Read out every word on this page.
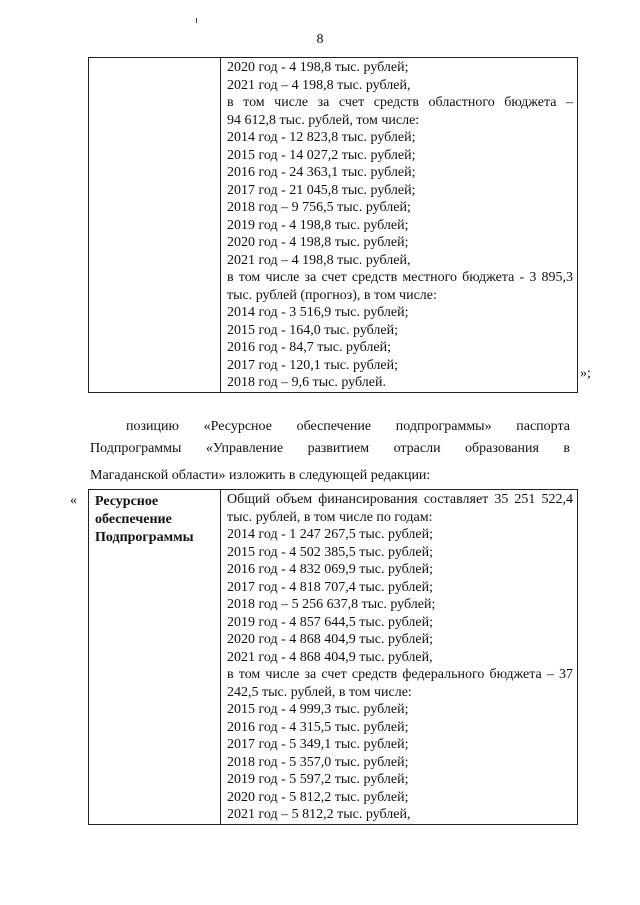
8

2020 год - 4 198,8 тыс. рублей;
2021 год – 4 198,8 тыс. рублей,
в том числе за счет средств областного бюджета –
94 612,8 тыс. рублей, том числе:
2014 год - 12 823,8 тыс. рублей;
2015 год - 14 027,2 тыс. рублей;
2016 год - 24 363,1 тыс. рублей;
2017 год - 21 045,8 тыс. рублей;
2018 год – 9 756,5 тыс. рублей;
2019 год - 4 198,8 тыс. рублей;
2020 год - 4 198,8 тыс. рублей;
2021 год – 4 198,8 тыс. рублей,
в том числе за счет средств местного бюджета - 3 895,3
тыс. рублей (прогноз), в том числе:
2014 год - 3 516,9 тыс. рублей;
2015 год - 164,0 тыс. рублей;
2016 год - 84,7 тыс. рублей;
2017 год - 120,1 тыс. рублей;
2018 год – 9,6 тыс. рублей.
»;
позицию «Ресурсное обеспечение подпрограммы» паспорта
Подпрограммы «Управление развитием отрасли образования в
Магаданской области» изложить в следующей редакции:
« Ресурсное
обеспечение
Подпрограммы

Общий объем финансирования составляет 35 251 522,4
тыс. рублей, в том числе по годам:
2014 год - 1 247 267,5 тыс. рублей;
2015 год - 4 502 385,5 тыс. рублей;
2016 год - 4 832 069,9 тыс. рублей;
2017 год - 4 818 707,4 тыс. рублей;
2018 год – 5 256 637,8 тыс. рублей;
2019 год - 4 857 644,5 тыс. рублей;
2020 год - 4 868 404,9 тыс. рублей;
2021 год - 4 868 404,9 тыс. рублей,
в том числе за счет средств федерального бюджета – 37
242,5 тыс. рублей, в том числе:
2015 год - 4 999,3 тыс. рублей;
2016 год - 4 315,5 тыс. рублей;
2017 год - 5 349,1 тыс. рублей;
2018 год - 5 357,0 тыс. рублей;
2019 год - 5 597,2 тыс. рублей;
2020 год - 5 812,2 тыс. рублей;
2021 год – 5 812,2 тыс. рублей,
